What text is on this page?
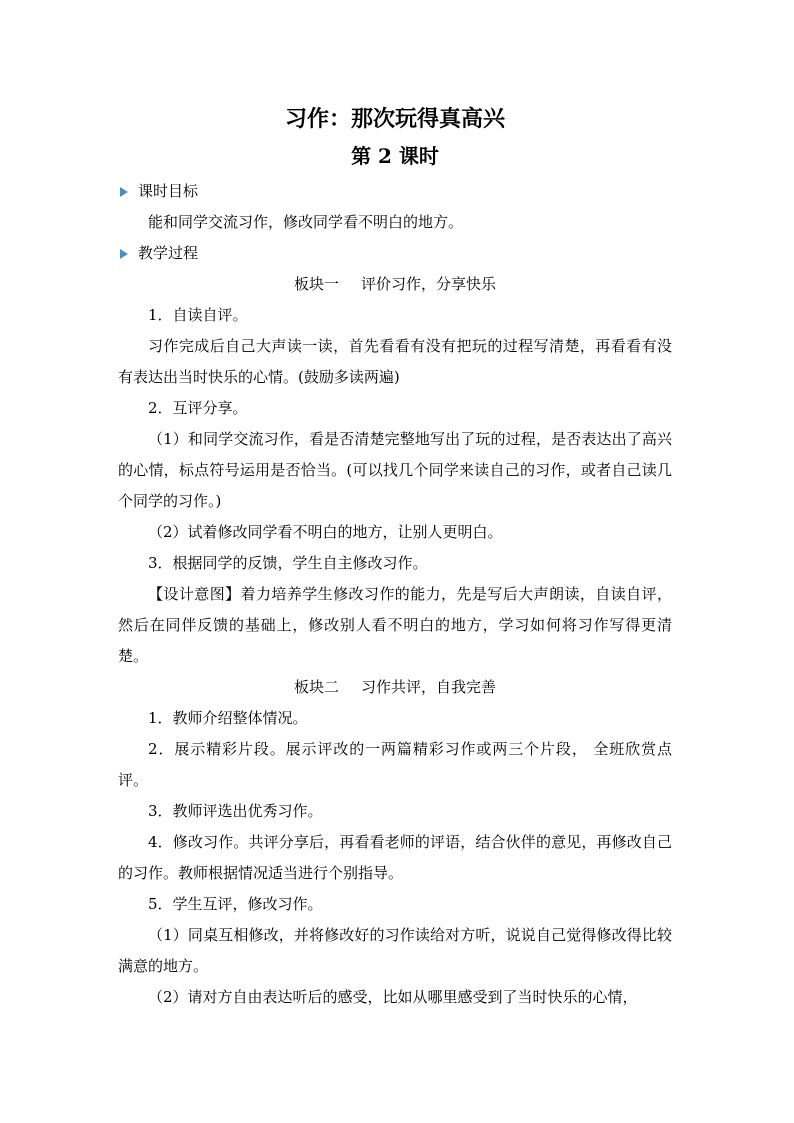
习作：那次玩得真高兴
第 2 课时
课时目标

能和同学交流习作，修改同学看不明白的地方。

教学过程

板块一 评价习作，分享快乐

1．自读自评。

习作完成后自己大声读一读，首先看看有没有把玩的过程写清楚，再看看有没有表达出当时快乐的心情。(鼓励多读两遍)

2．互评分享。

（1）和同学交流习作，看是否清楚完整地写出了玩的过程，是否表达出了高兴的心情，标点符号运用是否恰当。(可以找几个同学来读自己的习作，或者自己读几个同学的习作。)

（2）试着修改同学看不明白的地方，让别人更明白。

3．根据同学的反馈，学生自主修改习作。

【设计意图】着力培养学生修改习作的能力，先是写后大声朗读，自读自评，然后在同伴反馈的基础上，修改别人看不明白的地方，学习如何将习作写得更清楚。

板块二 习作共评，自我完善

1．教师介绍整体情况。

2．展示精彩片段。展示评改的一两篇精彩习作或两三个片段， 全班欣赏点评。

3．教师评选出优秀习作。

4．修改习作。共评分享后，再看看老师的评语，结合伙伴的意见，再修改自己的习作。教师根据情况适当进行个别指导。

5．学生互评，修改习作。

（1）同桌互相修改，并将修改好的习作读给对方听，说说自己觉得修改得比较满意的地方。

（2）请对方自由表达听后的感受，比如从哪里感受到了当时快乐的心情，
